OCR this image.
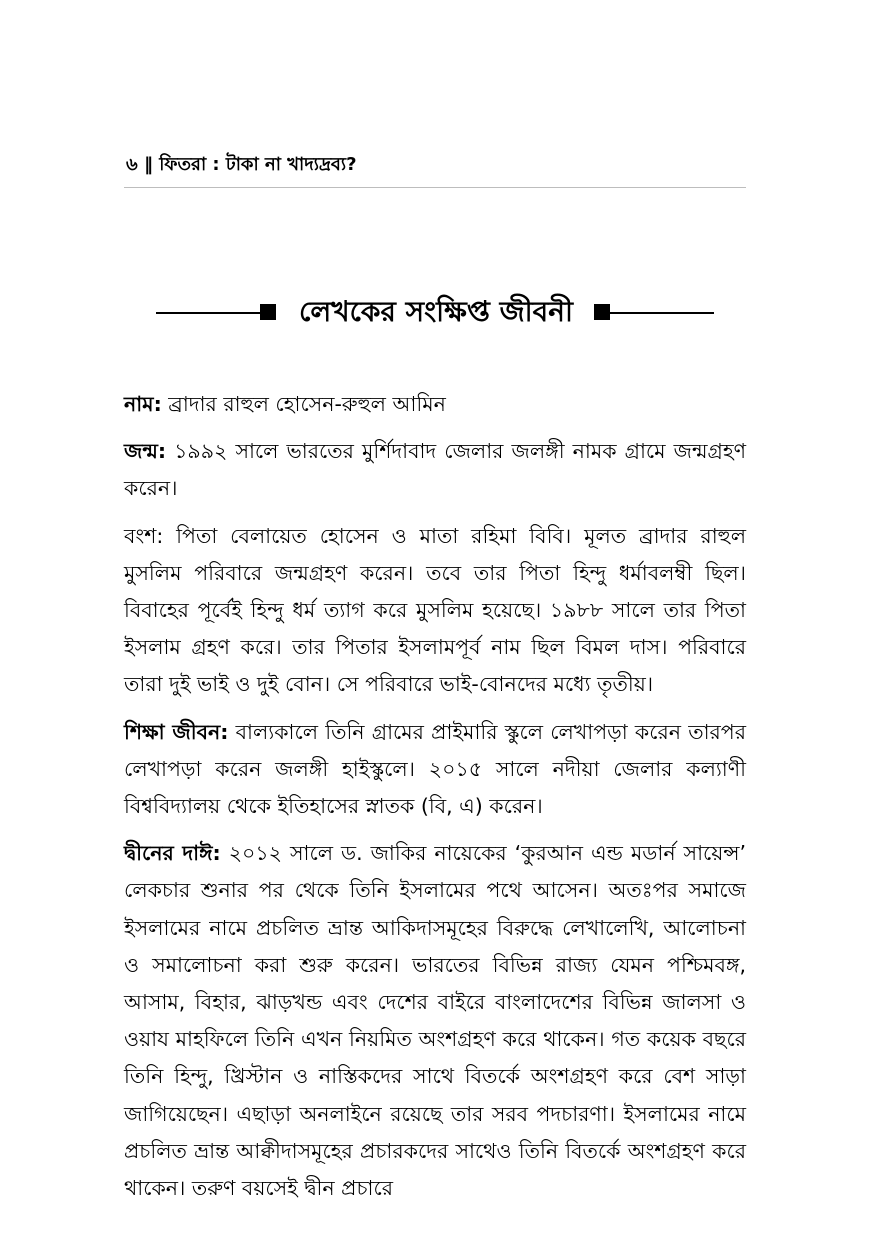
৬ ‖ ফিতরা : টাকা না খাদ্যদ্রব্য?
লেখকের সংক্ষিপ্ত জীবনী

নাম: ব্রাদার রাহুল হোসেন-রুহুল আমিন

জন্ম: ১৯৯২ সালে ভারতের মুর্শিদাবাদ জেলার জলঙ্গী নামক গ্রামে জন্মগ্রহণ করেন।

বংশ: পিতা বেলায়েত হোসেন ও মাতা রহিমা বিবি। মূলত ব্রাদার রাহুল মুসলিম পরিবারে জন্মগ্রহণ করেন। তবে তার পিতা হিন্দু ধর্মাবলম্বী ছিল। বিবাহের পূর্বেই হিন্দু ধর্ম ত্যাগ করে মুসলিম হয়েছে। ১৯৮৮ সালে তার পিতা ইসলাম গ্রহণ করে। তার পিতার ইসলামপূর্ব নাম ছিল বিমল দাস। পরিবারে তারা দুই ভাই ও দুই বোন। সে পরিবারে ভাই-বোনদের মধ্যে তৃতীয়।

শিক্ষা জীবন: বাল্যকালে তিনি গ্রামের প্রাইমারি স্কুলে লেখাপড়া করেন তারপর লেখাপড়া করেন জলঙ্গী হাইস্কুলে। ২০১৫ সালে নদীয়া জেলার কল্যাণী বিশ্ববিদ্যালয় থেকে ইতিহাসের স্নাতক (বি, এ) করেন।

দ্বীনের দাঈ: ২০১২ সালে ড. জাকির নায়েকের ‘কুরআন এন্ড মডার্ন সায়েন্স’ লেকচার শুনার পর থেকে তিনি ইসলামের পথে আসেন। অতঃপর সমাজে ইসলামের নামে প্রচলিত ভ্রান্ত আকিদাসমূহের বিরুদ্ধে লেখালেখি, আলোচনা ও সমালোচনা করা শুরু করেন। ভারতের বিভিন্ন রাজ্য যেমন পশ্চিমবঙ্গ, আসাম, বিহার, ঝাড়খন্ড এবং দেশের বাইরে বাংলাদেশের বিভিন্ন জালসা ও ওয়ায মাহফিলে তিনি এখন নিয়মিত অংশগ্রহণ করে থাকেন। গত কয়েক বছরে তিনি হিন্দু, খ্রিস্টান ও নাস্তিকদের সাথে বিতর্কে অংশগ্রহণ করে বেশ সাড়া জাগিয়েছেন। এছাড়া অনলাইনে রয়েছে তার সরব পদচারণা। ইসলামের নামে প্রচলিত ভ্রান্ত আক্বীদাসমূহের প্রচারকদের সাথেও তিনি বিতর্কে অংশগ্রহণ করে থাকেন। তরুণ বয়সেই দ্বীন প্রচারে
